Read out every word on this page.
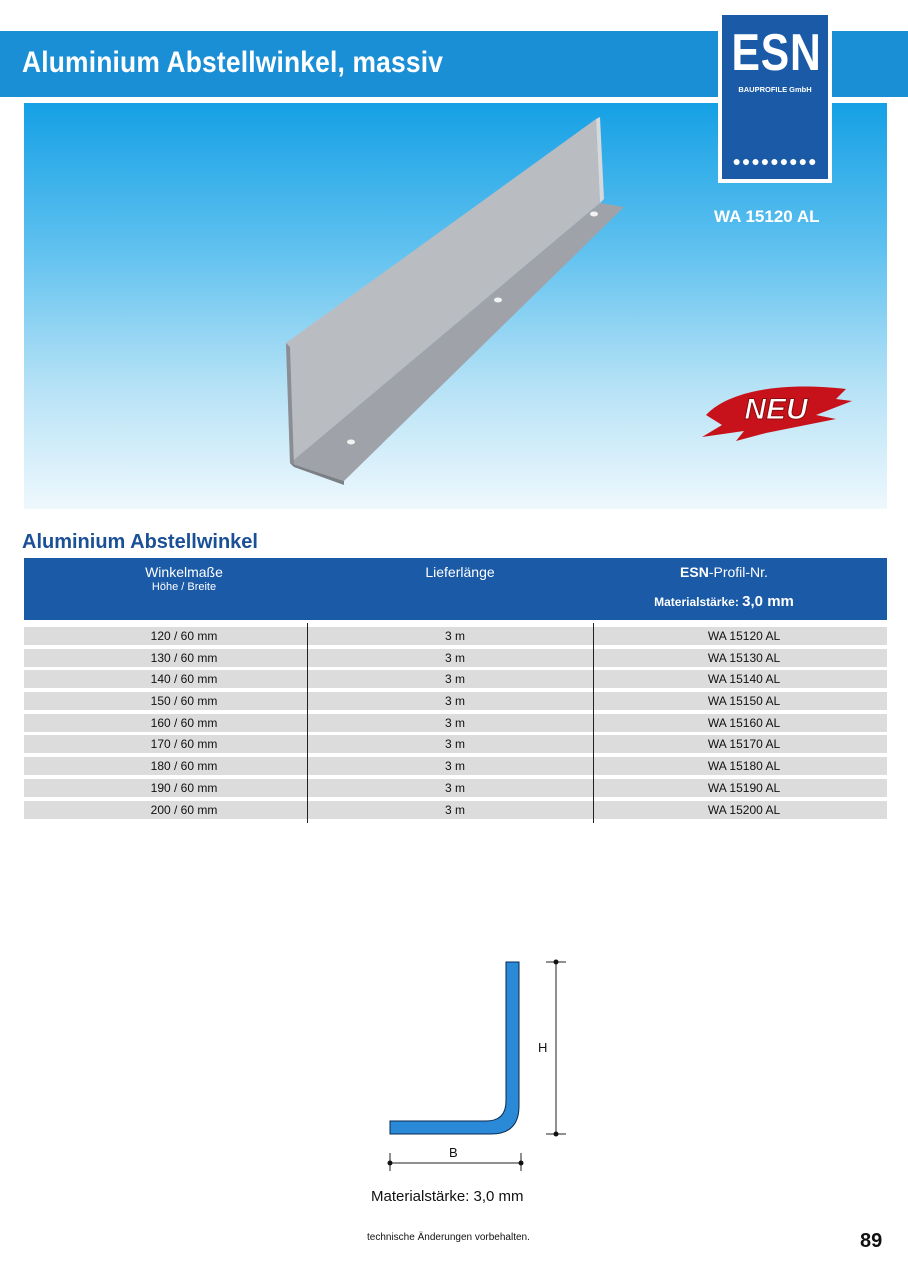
Aluminium Abstellwinkel, massiv
NEU
WA 15120 AL
ESN
BAUPROFILE GmbH
●●●●●●●●●
Aluminium Abstellwinkel
Winkelmaße
Höhe / Breite
Lieferlänge	ESN-Profil-Nr.
Materialstärke: 3,0 mm
120 / 60 mm	3 m	WA 15120 AL
130 / 60 mm	3 m	WA 15130 AL
140 / 60 mm	3 m	WA 15140 AL
150 / 60 mm	3 m	WA 15150 AL
160 / 60 mm	3 m	WA 15160 AL
170 / 60 mm	3 m	WA 15170 AL
180 / 60 mm	3 m	WA 15180 AL
190 / 60 mm	3 m	WA 15190 AL
200 / 60 mm	3 m	WA 15200 AL
H
B
Materialstärke: 3,0 mm
technische Änderungen vorbehalten.	89
